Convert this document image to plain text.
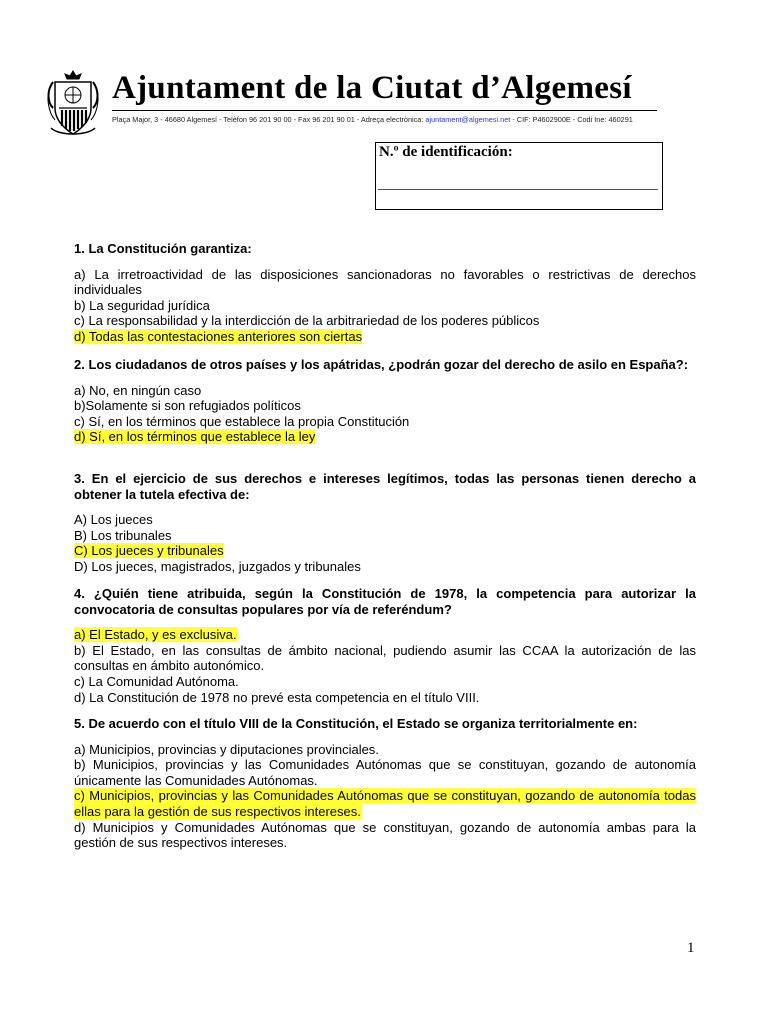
Ajuntament de la Ciutat d’Algemesí
Plaça Major, 3 - 46680 Algemesí - Telèfon 96 201 90 00 - Fax 96 201 90 01 - Adreça electrònica: ajuntament@algemesi.net - CIF: P4602900E - Codi Ine: 460291
N.º de identificación:
1. La Constitución garantiza:
a) La irretroactividad de las disposiciones sancionadoras no favorables o restrictivas de derechos individuales
b) La seguridad jurídica
c) La responsabilidad y la interdicción de la arbitrariedad de los poderes públicos
d) Todas las contestaciones anteriores son ciertas
2. Los ciudadanos de otros países y los apátridas, ¿podrán gozar del derecho de asilo en España?:
a) No, en ningún caso
b)Solamente si son refugiados políticos
c) Sí, en los términos que establece la propia Constitución
d) Sí, en los términos que establece la ley
3. En el ejercicio de sus derechos e intereses legítimos, todas las personas tienen derecho a obtener la tutela efectiva de:
A) Los jueces
B) Los tribunales
C) Los jueces y tribunales
D) Los jueces, magistrados, juzgados y tribunales
4. ¿Quién tiene atribuida, según la Constitución de 1978, la competencia para autorizar la convocatoria de consultas populares por vía de referéndum?
a) El Estado, y es exclusiva.
b) El Estado, en las consultas de ámbito nacional, pudiendo asumir las CCAA la autorización de las consultas en ámbito autonómico.
c) La Comunidad Autónoma.
d) La Constitución de 1978 no prevé esta competencia en el título VIII.
5. De acuerdo con el título VIII de la Constitución, el Estado se organiza territorialmente en:
a) Municipios, provincias y diputaciones provinciales.
b) Municipios, provincias y las Comunidades Autónomas que se constituyan, gozando de autonomía únicamente las Comunidades Autónomas.
c) Municipios, provincias y las Comunidades Autónomas que se constituyan, gozando de autonomía todas ellas para la gestión de sus respectivos intereses.
d) Municipios y Comunidades Autónomas que se constituyan, gozando de autonomía ambas para la gestión de sus respectivos intereses.
1
